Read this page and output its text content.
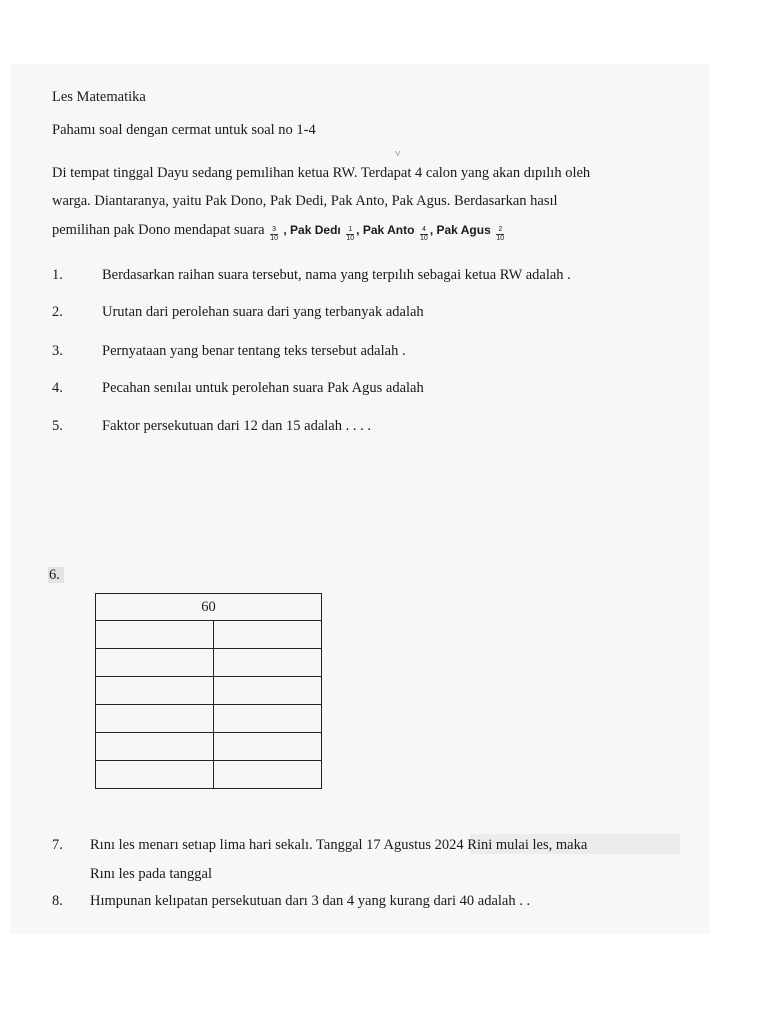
Les Matematika
Pahamı soal dengan cermat untuk soal no 1-4
˅
Di tempat tinggal Dayu sedang pemılihan ketua RW. Terdapat 4 calon yang akan dıpılıh oleh
warga. Diantaranya, yaitu Pak Dono, Pak Dedi, Pak Anto, Pak Agus. Berdasarkan hasıl
pemilihan pak Dono mendapat suara $\frac{3}{10}$ , Pak Dedı $\frac{1}{10}$ , Pak Anto $\frac{4}{10}$ , Pak Agus $\frac{2}{10}$
1.	Berdasarkan raihan suara tersebut, nama yang terpılıh sebagai ketua RW adalah .
2.	Urutan dari perolehan suara dari yang terbanyak adalah
3.	Pernyataan yang benar tentang teks tersebut adalah .
4.	Pecahan senılaı untuk perolehan suara Pak Agus adalah
5.	Faktor persekutuan dari 12 dan 15 adalah . . . .
6.
60	

7. Rını les menarı setıap lima hari sekalı. Tanggal 17 Agustus 2024 Rini mulai les, maka
Rını les pada tanggal
8. Hımpunan kelıpatan persekutuan darı 3 dan 4 yang kurang dari 40 adalah . .
